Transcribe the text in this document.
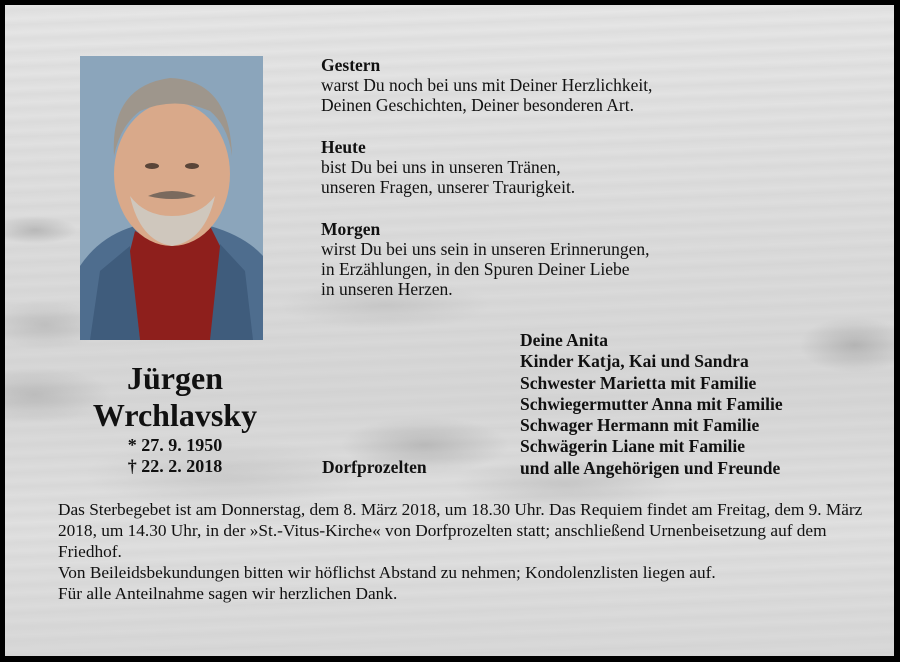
Jürgen
Wrchlavsky
* 27. 9. 1950
† 22. 2. 2018
Gestern
warst Du noch bei uns mit Deiner Herzlichkeit,
Deinen Geschichten, Deiner besonderen Art.
Heute
bist Du bei uns in unseren Tränen,
unseren Fragen, unserer Traurigkeit.
Morgen
wirst Du bei uns sein in unseren Erinnerungen,
in Erzählungen, in den Spuren Deiner Liebe
in unseren Herzen.
Dorfprozelten
Deine Anita
Kinder Katja, Kai und Sandra
Schwester Marietta mit Familie
Schwiegermutter Anna mit Familie
Schwager Hermann mit Familie
Schwägerin Liane mit Familie
und alle Angehörigen und Freunde

Das Sterbegebet ist am Donnerstag, dem 8. März 2018, um 18.30 Uhr. Das Requiem findet am Freitag, dem 9. März 2018, um 14.30 Uhr, in der »St.-Vitus-Kirche« von Dorfprozelten statt; anschließend Urnenbeisetzung auf dem Friedhof.

Von Beileidsbekundungen bitten wir höflichst Abstand zu nehmen; Kondolenzlisten liegen auf.

Für alle Anteilnahme sagen wir herzlichen Dank.
